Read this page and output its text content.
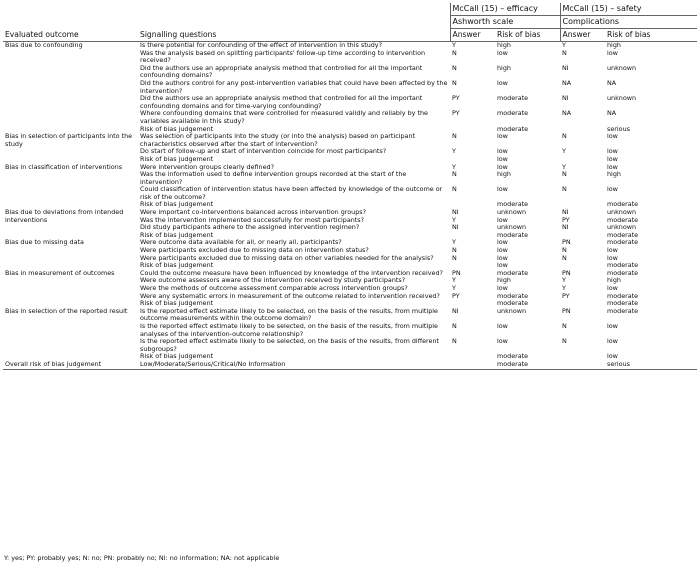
		McCall (15) – efficacy		McCall (15) – safety	
		Ashworth scale		Complications	
Evaluated outcome	Signalling questions	Answer	Risk of bias	Answer	Risk of bias
Bias due to confounding	Is there potential for confounding of the effect of intervention in this study?	Y	high	Y	high
	Was the analysis based on splitting participants' follow-up time according to intervention received?	N	low	N	low
	Did the authors use an appropriate analysis method that controlled for all the important confounding domains?	N	high	NI	unknown
	Did the authors control for any post-intervention variables that could have been affected by the intervention?	N	low	NA	NA
	Did the authors use an appropriate analysis method that controlled for all the important confounding domains and for time-varying confounding?	PY	moderate	NI	unknown
	Where confounding domains that were controlled for measured validly and reliably by the variables available in this study?	PY	moderate	NA	NA
	Risk of bias judgement		moderate		serious
Bias in selection of participants into the study	Was selection of participants into the study (or into the analysis) based on participant characteristics observed after the start of intervention?	N	low	N	low
	Do start of follow-up and start of intervention coincide for most participants?	Y	low	Y	low
	Risk of bias judgement		low		low
Bias in classification of interventions	Were intervention groups clearly defined?	Y	low	Y	low
	Was the information used to define intervention groups recorded at the start of the intervention?	N	high	N	high
	Could classification of intervention status have been affected by knowledge of the outcome or risk of the outcome?	N	low	N	low
	Risk of bias judgement		moderate		moderate
Bias due to deviations from intended interventions	Were important co-interventions balanced across intervention groups?	NI	unknown	NI	unknown
	Was the intervention implemented successfully for most participants?	Y	low	PY	moderate
	Did study participants adhere to the assigned intervention regimen?	NI	unknown	NI	unknown
	Risk of bias judgement		moderate		moderate
Bias due to missing data	Were outcome data available for all, or nearly all, participants?	Y	low	PN	moderate
	Were participants excluded due to missing data on intervention status?	N	low	N	low
	Were participants excluded due to missing data on other variables needed for the analysis?	N	low	N	low
	Risk of bias judgement		low		moderate
Bias in measurement of outcomes	Could the outcome measure have been influenced by knowledge of the intervention received?	PN	moderate	PN	moderate
	Were outcome assessors aware of the intervention received by study participants?	Y	high	Y	high
	Were the methods of outcome assessment comparable across intervention groups?	Y	low	Y	low
	Were any systematic errors in measurement of the outcome related to intervention received?	PY	moderate	PY	moderate
	Risk of bias judgement		moderate		moderate
Bias in selection of the reported result	Is the reported effect estimate likely to be selected, on the basis of the results, from multiple outcome measurements within the outcome domain?	NI	unknown	PN	moderate
	Is the reported effect estimate likely to be selected, on the basis of the results, from multiple analyses of the intervention-outcome relationship?	N	low	N	low
	Is the reported effect estimate likely to be selected, on the basis of the results, from different subgroups?	N	low	N	low
	Risk of bias judgement		moderate		low
Overall risk of bias judgement	Low/Moderate/Serious/Critical/No Information		moderate		serious
Y: yes; PY: probably yes; N: no; PN: probably no; NI: no information; NA: not applicable
